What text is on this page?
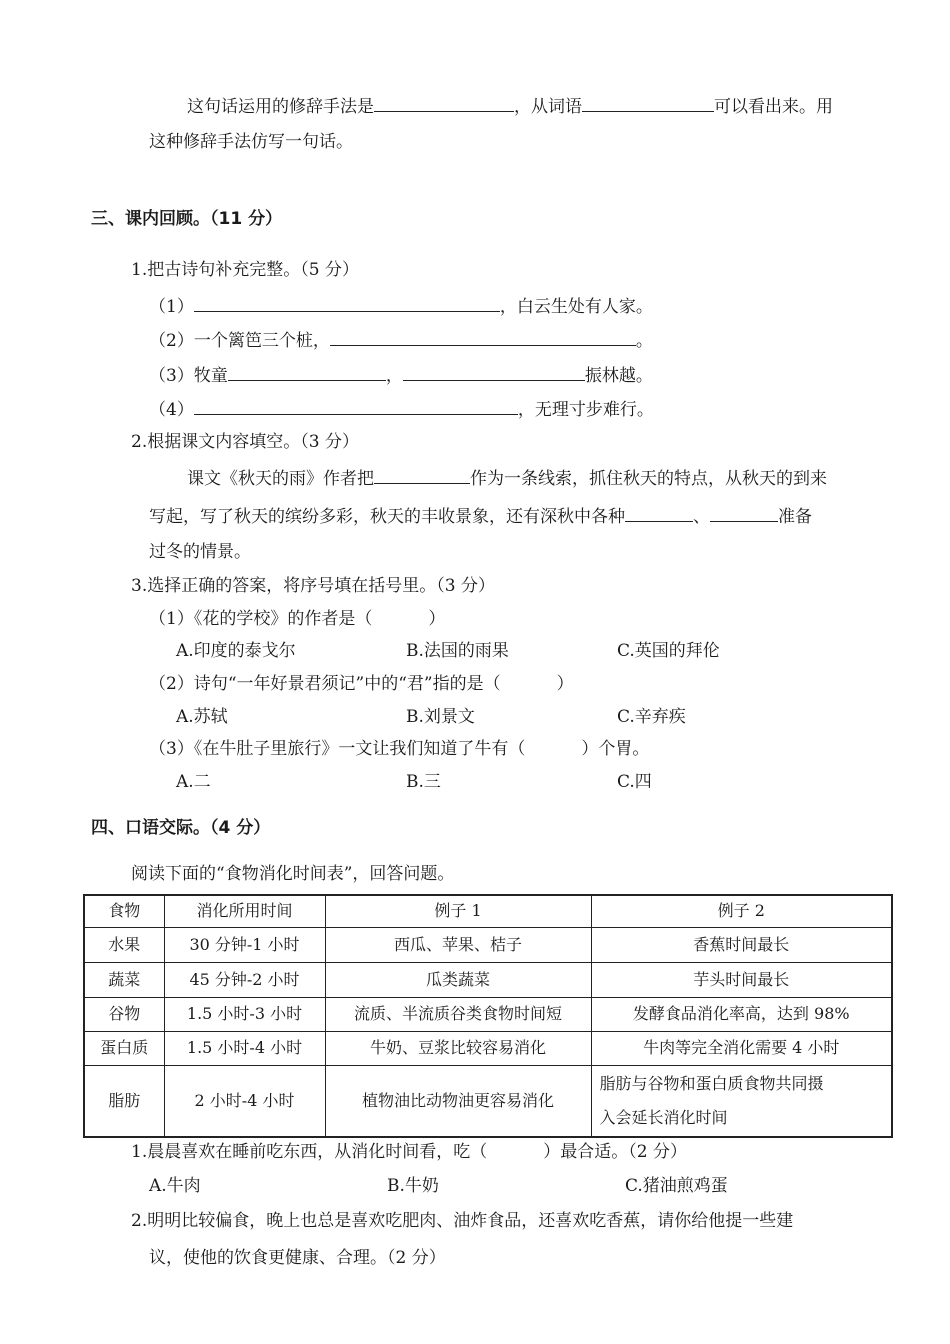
这句话运用的修辞手法是	，从词语	可以看出来。用
这种修辞手法仿写一句话。
三、课内回顾。（11 分）
1.把古诗句补充完整。（5 分）
（1）	，白云生处有人家。
（2）一个篱笆三个桩，	。
（3）牧童	，	振林越。
（4）	，无理寸步难行。
2.根据课文内容填空。（3 分）
课文《秋天的雨》作者把	作为一条线索，抓住秋天的特点，从秋天的到来
写起，写了秋天的缤纷多彩，秋天的丰收景象，还有深秋中各种	、	准备
过冬的情景。
3.选择正确的答案，将序号填在括号里。（3 分）
（1）《花的学校》的作者是（	）
A.印度的泰戈尔	B.法国的雨果	C.英国的拜伦
（2）诗句“一年好景君须记”中的“君”指的是（	）
A.苏轼	B.刘景文	C.辛弃疾
（3）《在牛肚子里旅行》一文让我们知道了牛有（	）个胃。
A.二	B.三	C.四
四、口语交际。（4 分）
阅读下面的“食物消化时间表”，回答问题。
食物	消化所用时间	例子 1	例子 2
水果	30 分钟-1 小时	西瓜、苹果、桔子	香蕉时间最长
蔬菜	45 分钟-2 小时	瓜类蔬菜	芋头时间最长
谷物	1.5 小时-3 小时	流质、半流质谷类食物时间短	发酵食品消化率高，达到 98%
蛋白质	1.5 小时-4 小时	牛奶、豆浆比较容易消化	牛肉等完全消化需要 4 小时
脂肪	2 小时-4 小时	植物油比动物油更容易消化	脂肪与谷物和蛋白质食物共同摄
入会延长消化时间
1.晨晨喜欢在睡前吃东西，从消化时间看，吃（	）最合适。（2 分）
A.牛肉	B.牛奶	C.猪油煎鸡蛋
2.明明比较偏食，晚上也总是喜欢吃肥肉、油炸食品，还喜欢吃香蕉，请你给他提一些建
议，使他的饮食更健康、合理。（2 分）
